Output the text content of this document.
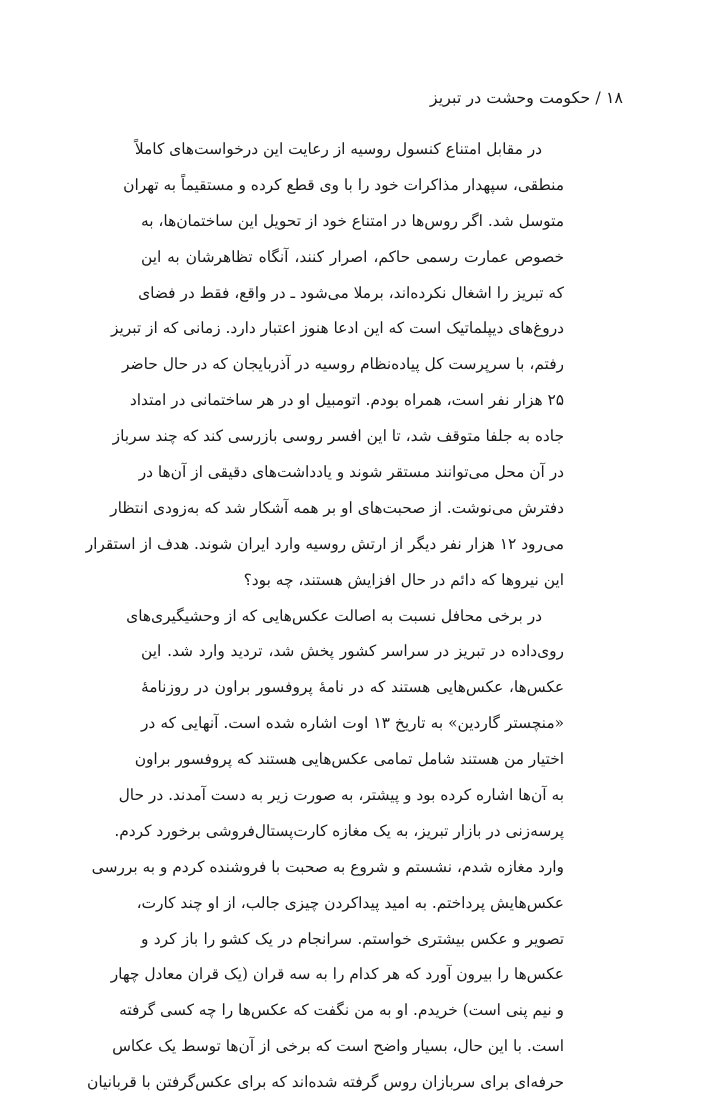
۱۸ / حکومت وحشت در تبریز
در مقابل امتناع کنسول روسیه از رعایت این درخواست‌های کاملاً
منطقی، سپهدار مذاکرات خود را با وی قطع کرده و مستقیماً به تهران
متوسل شد. اگر روس‌ها در امتناع خود از تحویل این ساختمان‌ها، به
خصوص عمارت رسمی حاکم، اصرار کنند، آنگاه تظاهرشان به این
که تبریز را اشغال نکرده‌اند، برملا می‌شود ـ در واقع، فقط در فضای
دروغ‌های دیپلماتیک است که این ادعا هنوز اعتبار دارد. زمانی که از تبریز
رفتم، با سرپرست کل پیاده‌نظام روسیه در آذربایجان که در حال حاضر
۲۵ هزار نفر است، همراه بودم. اتومبیل او در هر ساختمانی در امتداد
جاده به جلفا متوقف شد، تا این افسر روسی بازرسی کند که چند سرباز
در آن محل می‌توانند مستقر شوند و یادداشت‌های دقیقی از آن‌ها در
دفترش می‌نوشت. از صحبت‌های او بر همه آشکار شد که به‌زودی انتظار
می‌رود ۱۲ هزار نفر دیگر از ارتش روسیه وارد ایران شوند. هدف از استقرار
این نیروها که دائم در حال افزایش هستند، چه بود؟
در برخی محافل نسبت به اصالت عکس‌هایی که از وحشیگیری‌های
روی‌داده در تبریز در سراسر کشور پخش شد، تردید وارد شد. این
عکس‌ها، عکس‌هایی هستند که در نامهٔ پروفسور براون در روزنامهٔ
«منچستر گاردین» به تاریخ ۱۳ اوت اشاره شده است. آنهایی که در
اختیار من هستند شامل تمامی عکس‌هایی هستند که پروفسور براون
به آن‌ها اشاره کرده بود و پیشتر، به صورت زیر به دست آمدند. در حال
پرسه‌زنی در بازار تبریز، به یک مغازه کارت‌پستال‌فروشی برخورد کردم.
وارد مغازه شدم، نشستم و شروع به صحبت با فروشنده کردم و به بررسی
عکس‌هایش پرداختم. به امید پیداکردن چیزی جالب، از او چند کارت،
تصویر و عکس بیشتری خواستم. سرانجام در یک کشو را باز کرد و
عکس‌ها را بیرون آورد که هر کدام را به سه قران (یک قران معادل چهار
و نیم پنی است) خریدم. او به من نگفت که عکس‌ها را چه کسی گرفته
است. با این حال، بسیار واضح است که برخی از آن‌ها توسط یک عکاس
حرفه‌ای برای سربازان روس گرفته شده‌اند که برای عکس‌گرفتن با قربانیان
